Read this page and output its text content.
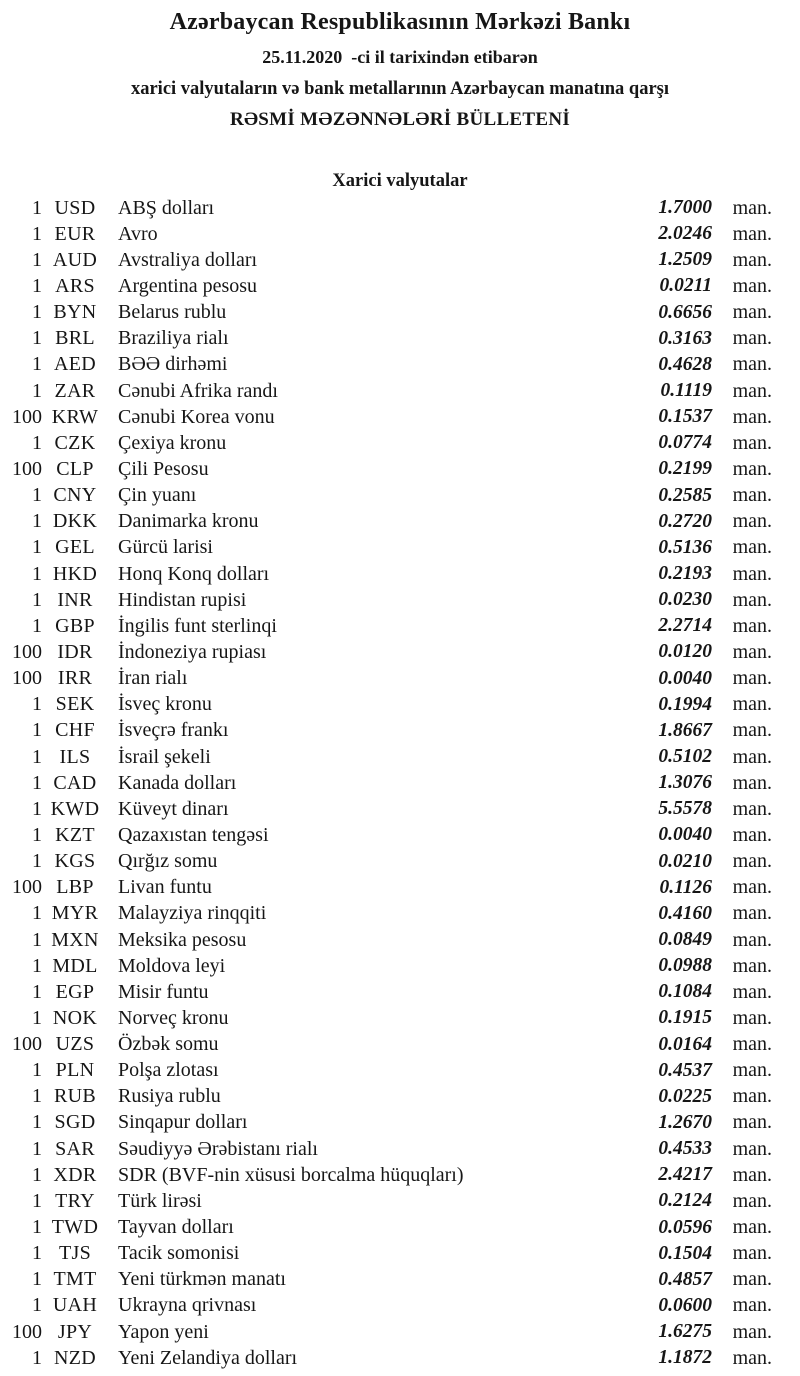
Azərbaycan Respublikasının Mərkəzi Bankı
25.11.2020 -ci il tarixindən etibarən
xarici valyutaların və bank metallarının Azərbaycan manatına qarşı
RƏSMİ MƏZƏNNƏLƏRİ BÜLLETENİ
Xarici valyutalar
1 USD	ABŞ dolları	1.7000	man.
1 EUR	Avro	2.0246	man.
1 AUD	Avstraliya dolları	1.2509	man.
1 ARS	Argentina pesosu	0.0211	man.
1 BYN	Belarus rublu	0.6656	man.
1 BRL	Braziliya rialı	0.3163	man.
1 AED	BƏƏ dirhəmi	0.4628	man.
1 ZAR	Cənubi Afrika randı	0.1119	man.
100 KRW Cənubi Korea vonu	0.1537	man.
1 CZK	Çexiya kronu	0.0774	man.
100 CLP	Çili Pesosu	0.2199	man.
1 CNY	Çin yuanı	0.2585	man.
1 DKK	Danimarka kronu	0.2720	man.
1 GEL	Gürcü larisi	0.5136	man.
1 HKD	Honq Konq dolları	0.2193	man.
1 INR	Hindistan rupisi	0.0230	man.
1 GBP	İngilis funt sterlinqi	2.2714	man.
100 IDR	İndoneziya rupiası	0.0120	man.
100 IRR	İran rialı	0.0040	man.
1 SEK	İsveç kronu	0.1994	man.
1 CHF	İsveçrə frankı	1.8667	man.
1 ILS	İsrail şekeli	0.5102	man.
1 CAD	Kanada dolları	1.3076	man.
1 KWD Küveyt dinarı	5.5578	man.
1 KZT	Qazaxıstan tengəsi	0.0040	man.
1 KGS	Qırğız somu	0.0210	man.
100 LBP	Livan funtu	0.1126	man.
1 MYR Malayziya rinqqiti	0.4160	man.
1 MXN Meksika pesosu	0.0849	man.
1 MDL	Moldova leyi	0.0988	man.
1 EGP	Misir funtu	0.1084	man.
1 NOK	Norveç kronu	0.1915	man.
100 UZS	Özbək somu	0.0164	man.
1 PLN	Polşa zlotası	0.4537	man.
1 RUB	Rusiya rublu	0.0225	man.
1 SGD	Sinqapur dolları	1.2670	man.
1 SAR	Səudiyyə Ərəbistanı rialı	0.4533	man.
1 XDR	SDR (BVF-nin xüsusi borcalma hüquqları)	2.4217	man.
1 TRY	Türk lirəsi	0.2124	man.
1 TWD Tayvan dolları	0.0596	man.
1 TJS	Tacik somonisi	0.1504	man.
1 TMT	Yeni türkmən manatı	0.4857	man.
1 UAH	Ukrayna qrivnası	0.0600	man.
100 JPY	Yapon yeni	1.6275	man.
1 NZD	Yeni Zelandiya dolları	1.1872	man.
